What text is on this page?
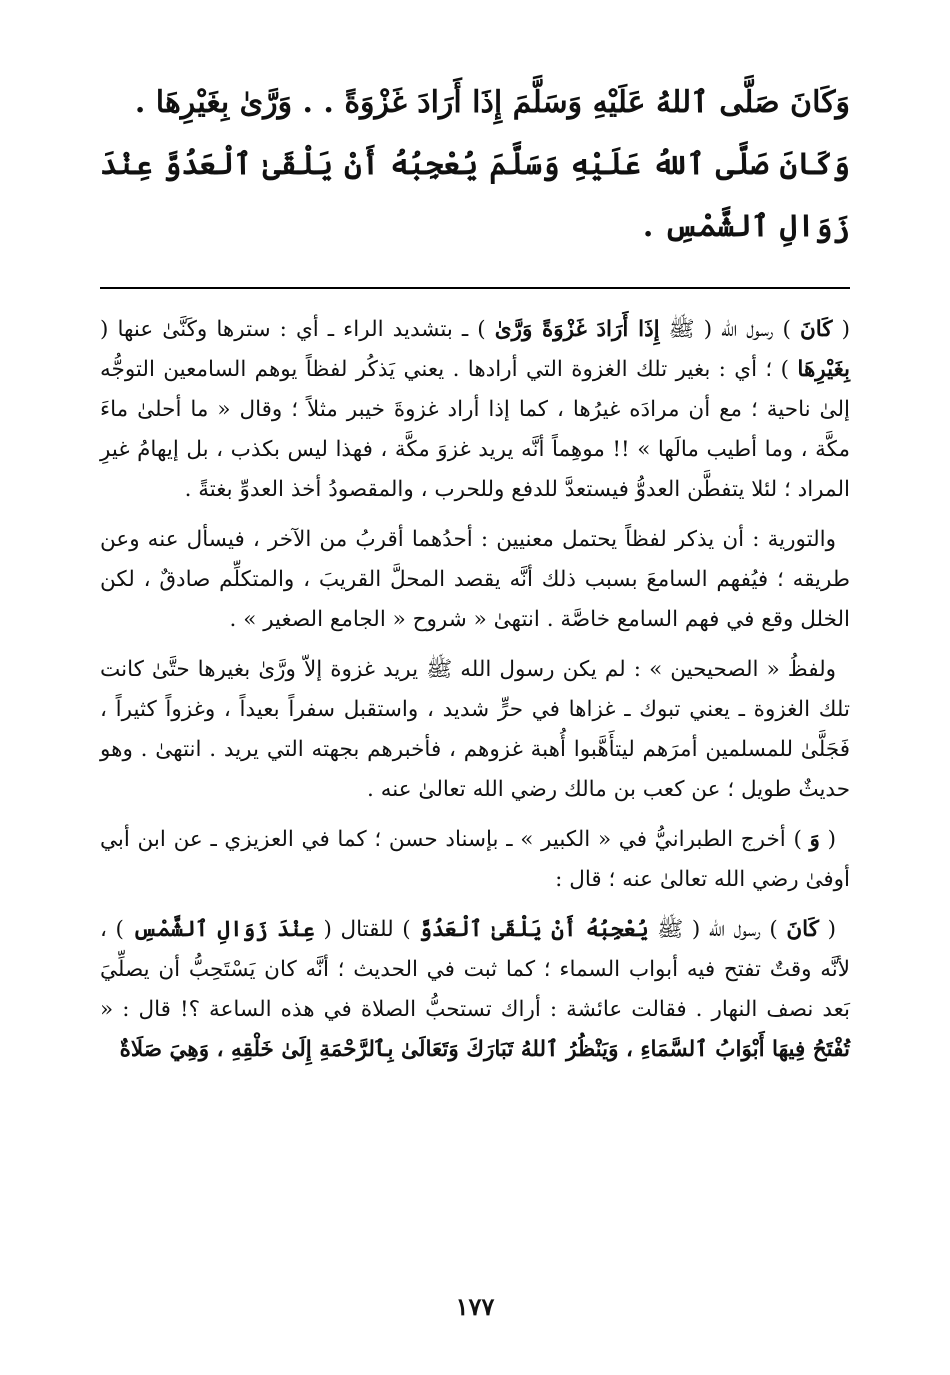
وَكَانَ صَلَّى ٱللهُ عَلَيْهِ وَسَلَّمَ إِذَا أَرَادَ غَزْوَةً . . وَرَّىٰ بِغَيْرِهَا .

وَكَانَ صَلَّى ٱللهُ عَلَيْهِ وَسَلَّمَ يُعْجِبُهُ أَنْ يَلْقَىٰ ٱلْعَدُوَّ عِنْدَ زَوَالِ ٱلشَّمْسِ .

( كَانَ ) رسول الله ( ﷺ إِذَا أَرَادَ غَزْوَةً وَرَّىٰ ) ـ بتشديد الراء ـ أي : سترها وكَنَّىٰ عنها ( بِغَيْرِهَا ) ؛ أي : بغير تلك الغزوة التي أرادها . يعني يَذكُر لفظاً يوهم السامعين التوجُّه إلىٰ ناحية ؛ مع أن مرادَه غيرُها ، كما إذا أراد غزوةَ خيبر مثلاً ؛ وقال « ما أحلىٰ ماءَ مكَّة ، وما أطيب مالَها » !! موهِماً أنَّه يريد غزوَ مكَّة ، فهذا ليس بكذب ، بل إيهامُ غيرِ المراد ؛ لئلا يتفطَّن العدوُّ فيستعدَّ للدفع وللحرب ، والمقصودُ أخذ العدوِّ بغتةً .

والتورية : أن يذكر لفظاً يحتمل معنيين : أحدُهما أقربُ من الآخر ، فيسأل عنه وعن طريقه ؛ فيُفهم السامعَ بسبب ذلك أنَّه يقصد المحلَّ القريبَ ، والمتكلِّم صادقٌ ، لكن الخلل وقع في فهم السامع خاصَّة . انتهىٰ « شروح « الجامع الصغير » .

ولفظُ « الصحيحين » : لم يكن رسول الله ﷺ يريد غزوة إلاّ ورَّىٰ بغيرها حتَّىٰ كانت تلك الغزوة ـ يعني تبوك ـ غزاها في حرٍّ شديد ، واستقبل سفراً بعيداً ، وغزواً كثيراً ، فَجَلَّىٰ للمسلمين أمرَهم ليتأَهَّبوا أُهبة غزوهم ، فأخبرهم بجهته التي يريد . انتهىٰ . وهو حديثٌ طويل ؛ عن كعب بن مالك رضي الله تعالىٰ عنه .

( وَ ) أخرج الطبرانيُّ في « الكبير » ـ بإسناد حسن ؛ كما في العزيزي ـ عن ابن أبي أوفىٰ رضي الله تعالىٰ عنه ؛ قال :

( كَانَ ) رسول الله ( ﷺ يُعْجِبُهُ أَنْ يَلْقَىٰ ٱلْعَدُوَّ ) للقتال ( عِنْدَ زَوَالِ ٱلشَّمْسِ ) ، لأنَّه وقتٌ تفتح فيه أبواب السماء ؛ كما ثبت في الحديث ؛ أنَّه كان يَسْتَحِبُّ أن يصلِّيَ بَعد نصف النهار . فقالت عائشة : أراك تستحبُّ الصلاة في هذه الساعة ؟! قال : « تُفْتَحُ فِيهَا أَبْوَابُ ٱلسَّمَاءِ ، وَيَنْظُرُ ٱللهُ تَبَارَكَ وَتَعَالَىٰ بِٱلرَّحْمَةِ إِلَىٰ خَلْقِهِ ، وَهِيَ صَلَاةٌ

١٧٧
